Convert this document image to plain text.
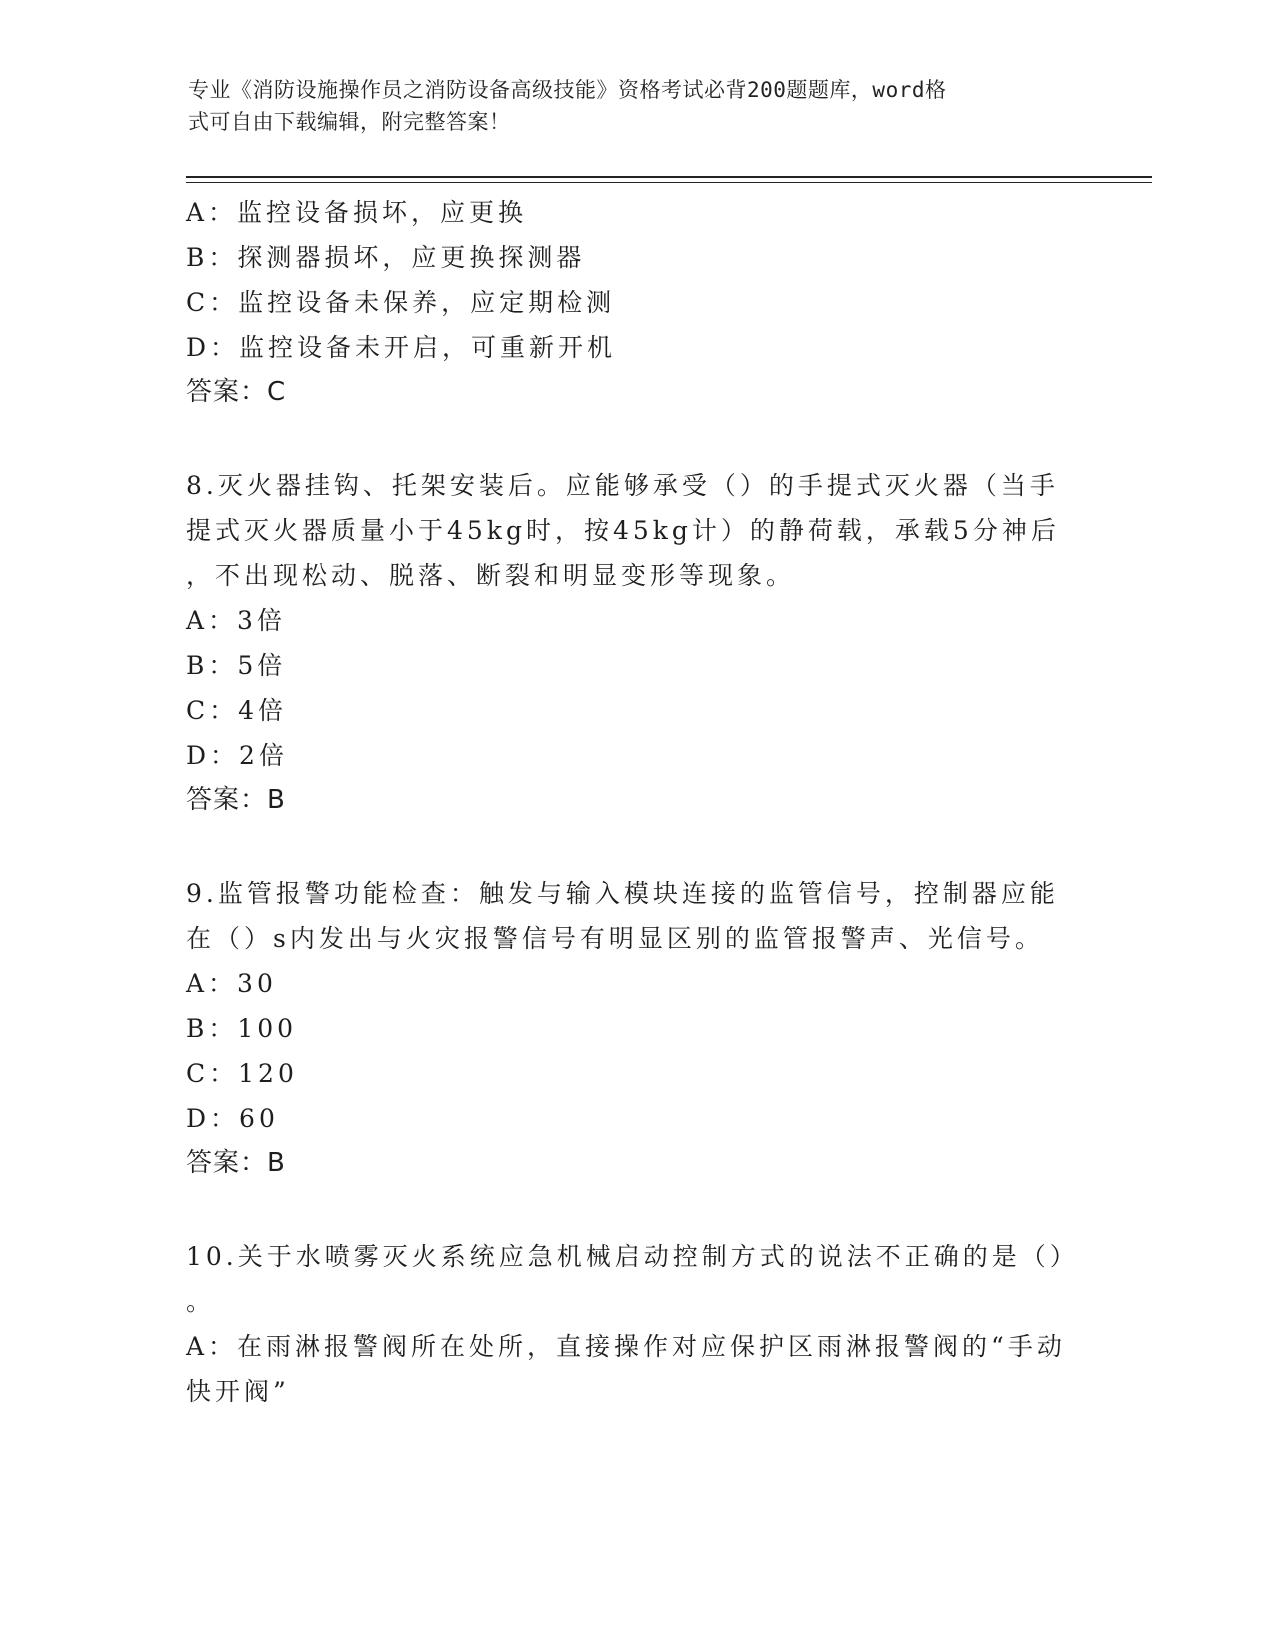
专业《消防设施操作员之消防设备高级技能》资格考试必背200题题库，word格
式可自由下载编辑，附完整答案！
A：监控设备损坏，应更换
B：探测器损坏，应更换探测器
C：监控设备未保养，应定期检测
D：监控设备未开启，可重新开机
答案：C
8.灭火器挂钩、托架安装后。应能够承受（）的手提式灭火器（当手
提式灭火器质量小于45kg时，按45kg计）的静荷载，承载5分神后
，不出现松动、脱落、断裂和明显变形等现象。
A：3倍
B：5倍
C：4倍
D：2倍
答案：B
9.监管报警功能检查：触发与输入模块连接的监管信号，控制器应能
在（）s内发出与火灾报警信号有明显区别的监管报警声、光信号。
A：30
B：100
C：120
D：60
答案：B
10.关于水喷雾灭火系统应急机械启动控制方式的说法不正确的是（）
。
A：在雨淋报警阀所在处所，直接操作对应保护区雨淋报警阀的“手动
快开阀”
